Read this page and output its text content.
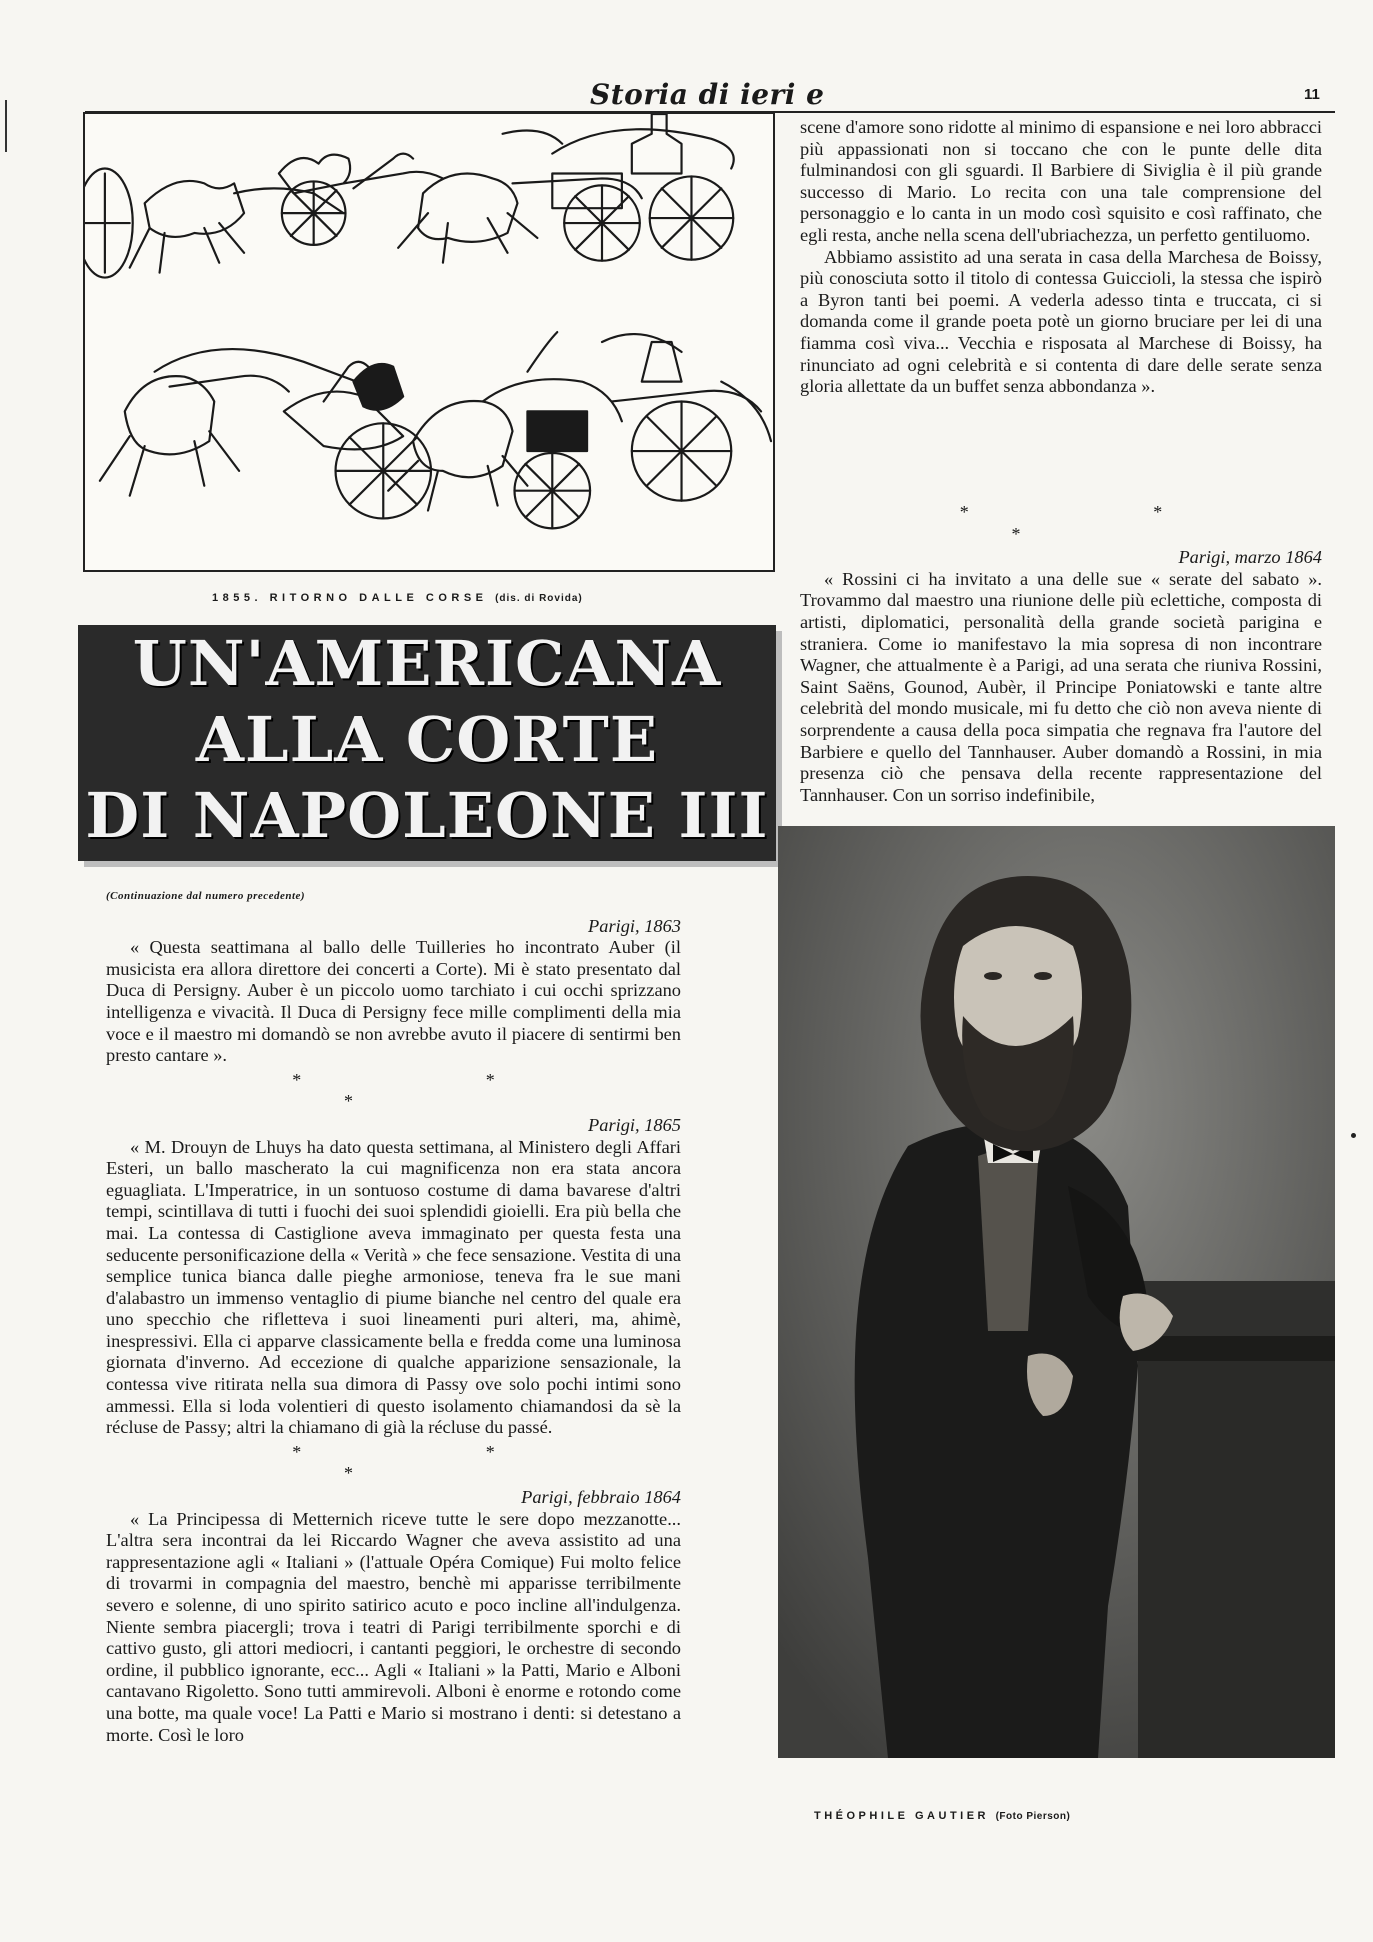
Storia di ieri e	11
1855. RITORNO DALLE CORSE (dis. di Rovida)
UN'AMERICANA
ALLA CORTE
DI NAPOLEONE III

scene d'amore sono ridotte al minimo di espansione e nei loro abbracci più appassionati non si toccano che con le punte delle dita fulminandosi con gli sguardi. Il Barbiere di Siviglia è il più grande successo di Mario. Lo recita con una tale comprensione del personaggio e lo canta in un modo così squisito e così raffinato, che egli resta, anche nella scena dell'ubriachezza, un perfetto gentiluomo.

Abbiamo assistito ad una serata in casa della Marchesa de Boissy, più conosciuta sotto il titolo di contessa Guiccioli, la stessa che ispirò a Byron tanti bei poemi. A vederla adesso tinta e truccata, ci si domanda come il grande poeta potè un giorno bruciare per lei di una fiamma così viva... Vecchia e risposata al Marchese di Boissy, ha rinunciato ad ogni celebrità e si contenta di dare delle serate senza gloria allettate da un buffet senza abbondanza ».

* * *

Parigi, marzo 1864

« Rossini ci ha invitato a una delle sue « serate del sabato ». Trovammo dal maestro una riunione delle più eclettiche, composta di artisti, diplomatici, personalità della grande società parigina e straniera. Come io manifestavo la mia sopresa di non incontrare Wagner, che attualmente è a Parigi, ad una serata che riuniva Rossini, Saint Saëns, Gounod, Aubèr, il Principe Poniatowski e tante altre celebrità del mondo musicale, mi fu detto che ciò non aveva niente di sorprendente a causa della poca simpatia che regnava fra l'autore del Barbiere e quello del Tannhauser. Auber domandò a Rossini, in mia presenza ciò che pensava della recente rappresentazione del Tannhauser. Con un sorriso indefinibile,

(Continuazione dal numero precedente)

Parigi, 1863

« Questa seattimana al ballo delle Tuilleries ho incontrato Auber (il musicista era allora direttore dei concerti a Corte). Mi è stato presentato dal Duca di Persigny. Auber è un piccolo uomo tarchiato i cui occhi sprizzano intelligenza e vivacità. Il Duca di Persigny fece mille complimenti della mia voce e il maestro mi domandò se non avrebbe avuto il piacere di sentirmi ben presto cantare ».

* * *

Parigi, 1865

« M. Drouyn de Lhuys ha dato questa settimana, al Ministero degli Affari Esteri, un ballo mascherato la cui magnificenza non era stata ancora eguagliata. L'Imperatrice, in un sontuoso costume di dama bavarese d'altri tempi, scintillava di tutti i fuochi dei suoi splendidi gioielli. Era più bella che mai. La contessa di Castiglione aveva immaginato per questa festa una seducente personificazione della « Verità » che fece sensazione. Vestita di una semplice tunica bianca dalle pieghe armoniose, teneva fra le sue mani d'alabastro un immenso ventaglio di piume bianche nel centro del quale era uno specchio che rifletteva i suoi lineamenti puri alteri, ma, ahimè, inespressivi. Ella ci apparve classicamente bella e fredda come una luminosa giornata d'inverno. Ad eccezione di qualche apparizione sensazionale, la contessa vive ritirata nella sua dimora di Passy ove solo pochi intimi sono ammessi. Ella si loda volentieri di questo isolamento chiamandosi da sè la récluse de Passy; altri la chiamano di già la récluse du passé.

* * *

Parigi, febbraio 1864

« La Principessa di Metternich riceve tutte le sere dopo mezzanotte... L'altra sera incontrai da lei Riccardo Wagner che aveva assistito ad una rappresentazione agli « Italiani » (l'attuale Opéra Comique) Fui molto felice di trovarmi in compagnia del maestro, benchè mi apparisse terribilmente severo e solenne, di uno spirito satirico acuto e poco incline all'indulgenza. Niente sembra piacergli; trova i teatri di Parigi terribilmente sporchi e di cattivo gusto, gli attori mediocri, i cantanti peggiori, le orchestre di secondo ordine, il pubblico ignorante, ecc... Agli « Italiani » la Patti, Mario e Alboni cantavano Rigoletto. Sono tutti ammirevoli. Alboni è enorme e rotondo come una botte, ma quale voce! La Patti e Mario si mostrano i denti: si detestano a morte. Così le loro

THÉOPHILE GAUTIER (Foto Pierson)
